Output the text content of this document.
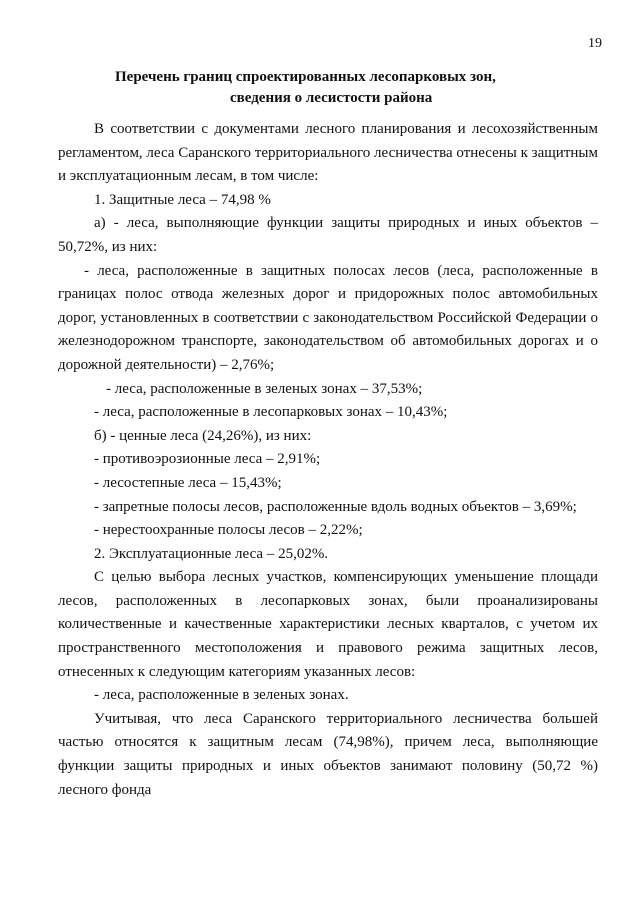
19
Перечень границ спроектированных лесопарковых зон,
сведения о лесистости района

В соответствии с документами лесного планирования и лесохозяйственным регламентом, леса Саранского территориального лесничества отнесены к защитным и эксплуатационным лесам, в том числе:

1. Защитные леса – 74,98 %

а) - леса, выполняющие функции защиты природных и иных объектов – 50,72%, из них:

- леса, расположенные в защитных полосах лесов (леса, расположенные в границах полос отвода железных дорог и придорожных полос автомобильных дорог, установленных в соответствии с законодательством Российской Федерации о железнодорожном транспорте, законодательством об автомобильных дорогах и о дорожной деятельности) – 2,76%;

- леса, расположенные в зеленых зонах – 37,53%;

- леса, расположенные в лесопарковых зонах – 10,43%;

б) - ценные леса (24,26%), из них:

- противоэрозионные леса – 2,91%;

- лесостепные леса – 15,43%;

- запретные полосы лесов, расположенные вдоль водных объектов – 3,69%;

- нерестоохранные полосы лесов – 2,22%;

2. Эксплуатационные леса – 25,02%.

С целью выбора лесных участков, компенсирующих уменьшение площади лесов, расположенных в лесопарковых зонах, были проанализированы количественные и качественные характеристики лесных кварталов, с учетом их пространственного местоположения и правового режима защитных лесов, отнесенных к следующим категориям указанных лесов:

- леса, расположенные в зеленых зонах.

Учитывая, что леса Саранского территориального лесничества большей частью относятся к защитным лесам (74,98%), причем леса, выполняющие функции защиты природных и иных объектов занимают половину (50,72 %) лесного фонда
